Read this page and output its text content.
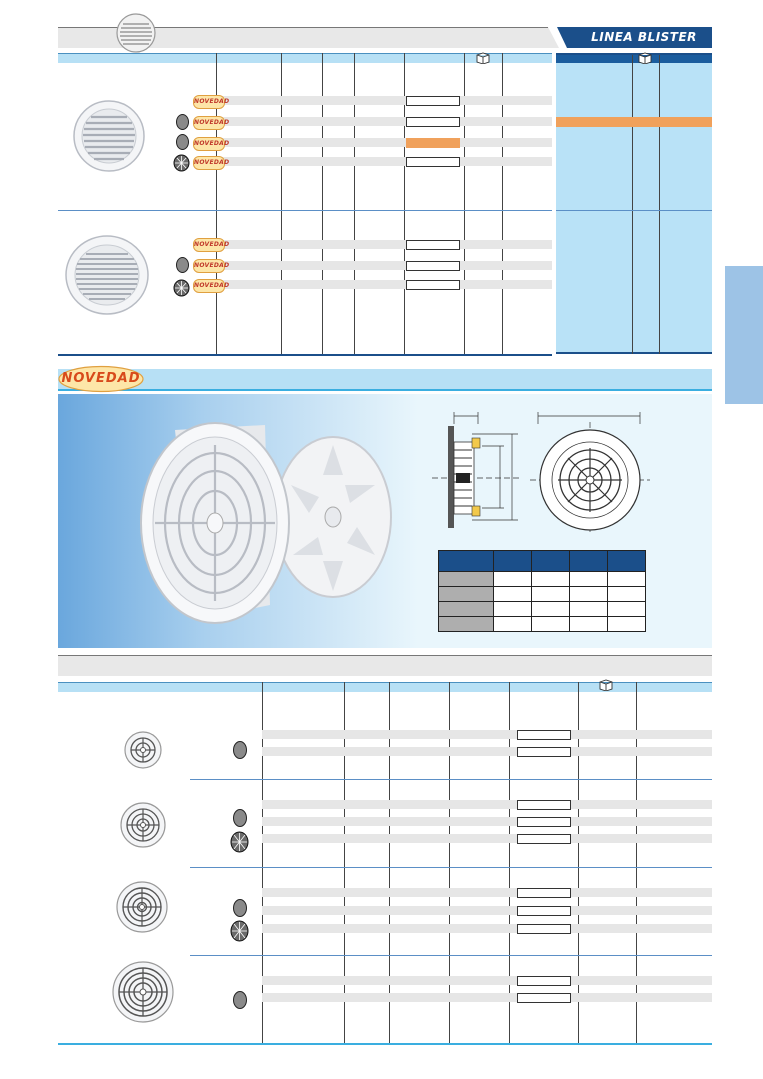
LINEA BLISTER
NOVEDAD
NOVEDAD
NOVEDAD
NOVEDAD
NOVEDAD
NOVEDAD
NOVEDAD
NOVEDAD
